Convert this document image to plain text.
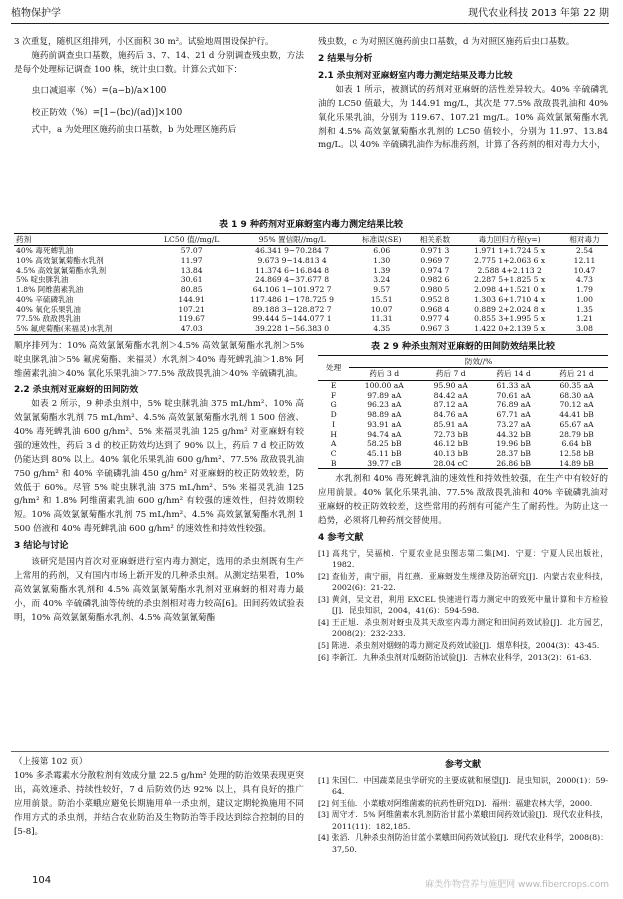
植物保护学	现代农业科技 2013 年第 22 期
3 次重复，随机区组排列，小区面积 30 m²。试验地周围设保护行。
施药前调查虫口基数，施药后 3、7、14、21 d 分别调查残虫数，方法是每个处理标记调查 100 株，统计虫口数。计算公式如下：
虫口减退率（%）=(a−b)/a×100
校正防效（%）=[1−(bc)/(ad)]×100
式中，a 为处理区施药前虫口基数，b 为处理区施药后
残虫数，c 为对照区施药前虫口基数，d 为对照区施药后虫口基数。
2 结果与分析
2.1 杀虫剂对亚麻蚜室内毒力测定结果及毒力比较
如表 1 所示，被测试的药剂对亚麻蚜的活性差异较大。40% 辛硫磷乳油的 LC50 值最大，为 144.91 mg/L，其次是 77.5% 敌敌畏乳油和 40% 氧化乐果乳油，分别为 119.67、107.21 mg/L。10% 高效氯氰菊酯水乳剂和 4.5% 高效氯氰菊酯水乳剂的 LC50 值较小，分别为 11.97、13.84 mg/L。以 40% 辛硫磷乳油作为标准药剂，计算了各药剂的相对毒力大小，
表 1 9 种药剂对亚麻蚜室内毒力测定结果比较
药剂	LC50 值//mg/L	95% 置信限//mg/L	标准误(SE)	相关系数	毒力回归方程(y=)	相对毒力
40% 毒死蜱乳油	57.07	46.341 9~70.284 7	6.06	0.971 3	1.971 1+1.724 5 x	2.54
10% 高效氯氰菊酯水乳剂	11.97	9.673 9~14.813 4	1.30	0.969 7	2.775 1+2.063 6 x	12.11
4.5% 高效氯氰菊酯水乳剂	13.84	11.374 6~16.844 8	1.39	0.974 7	2.588 4+2.113 2	10.47
5% 啶虫脒乳油	30.61	24.869 4~37.677 8	3.24	0.982 6	2.287 5+1.825 5 x	4.73
1.8% 阿维菌素乳油	80.85	64.106 1~101.972 7	9.57	0.980 5	2.098 4+1.521 0 x	1.79
40% 辛硫磷乳油	144.91	117.486 1~178.725 9	15.51	0.952 8	1.303 6+1.710 4 x	1.00
40% 氧化乐果乳油	107.21	89.188 3~128.872 7	10.07	0.968 4	0.889 2+2.024 8 x	1.35
77.5% 敌敌畏乳油	119.67	99.444 5~144.077 1	11.31	0.977 4	0.855 3+1.995 5 x	1.21
5% 氟虎菊酯(来福灵)水乳剂	47.03	39.228 1~56.383 0	4.35	0.967 3	1.422 0+2.139 5 x	3.08
顺序排列为：10% 高效氯氰菊酯水乳剂＞4.5% 高效氯氰菊酯水乳剂＞5% 啶虫脒乳油＞5% 氟虎菊酯、来福灵）水乳剂＞40% 毒死蜱乳油＞1.8% 阿维菌素乳油＞40% 氧化乐果乳油＞77.5% 敌敌畏乳油＞40% 辛硫磷乳油。
2.2 杀虫剂对亚麻蚜的田间防效
如表 2 所示，9 种杀虫剂中，5% 啶虫脒乳油 375 mL/hm²、10% 高效氯氰菊酯水乳剂 75 mL/hm²、4.5% 高效氯氰菊酯水乳剂 1 500 倍液、40% 毒死蜱乳油 600 g/hm²、5% 来福灵乳油 125 g/hm² 对亚麻蚜有较强的速效性，药后 3 d 的校正防效均达到了 90% 以上，药后 7 d 校正防效仍能达到 80% 以上。40% 氧化乐果乳油 600 g/hm²、77.5% 敌敌畏乳油 750 g/hm² 和 40% 辛硫磷乳油 450 g/hm² 对亚麻蚜的校正防效较差，防效低于 60%。尽管 5% 啶虫脒乳油 375 mL/hm²、5% 来福灵乳油 125 g/hm² 和 1.8% 阿维菌素乳油 600 g/hm² 有较强的速效性，但持效期较短。10% 高效氯氰菊酯水乳剂 75 mL/hm²、4.5% 高效氯氰菊酯水乳剂 1 500 倍液和 40% 毒死蜱乳油 600 g/hm² 的速效性和持效性较强。
3 结论与讨论
该研究是国内首次对亚麻蚜进行室内毒力测定，选用的杀虫剂既有生产上常用的药剂，又有国内市场上新开发的几种杀虫剂。从测定结果看，10% 高效氯氰菊酯水乳剂和 4.5% 高效氯氰菊酯水乳剂对亚麻蚜的相对毒力最小，而 40% 辛硫磷乳油等传统的杀虫剂相对毒力较高[6]。田间药效试验表明，10% 高效氯氰菊酯水乳剂、4.5% 高效氯氰菊酯
表 2 9 种杀虫剂对亚麻蚜的田间防效结果比较
处理	防效//%			
	药后 3 d	药后 7 d	药后 14 d	药后 21 d
E	100.00 aA	95.90 aA	61.33 aA	60.35 aA
F	97.89 aA	84.42 aA	70.61 aA	68.30 aA
G	96.23 aA	87.12 aA	76.89 aA	70.12 aA
D	98.89 aA	84.76 aA	67.71 aA	44.41 bB
I	93.91 aA	85.91 aA	73.27 aA	65.67 aA
H	94.74 aA	72.73 bB	44.32 bB	28.79 bB
A	58.25 bB	46.12 bB	19.96 bB	6.64 bB
C	45.11 bB	40.13 bB	28.37 bB	12.58 bB
B	39.77 cB	28.04 cC	26.86 bB	14.89 bB
水乳剂和 40% 毒死蜱乳油的速效性和持效性较强，在生产中有较好的应用前景。40% 氧化乐果乳油、77.5% 敌敌畏乳油和 40% 辛硫磷乳油对亚麻蚜的校正防效较差，这些常用的药剂有可能产生了耐药性。为防止这一趋势，必须将几种药剂交替使用。
4 参考文献
[1] 高兆宁，吴福桢．宁夏农业昆虫图志第二集[M]．宁夏：宁夏人民出版社，1982.
[2] 查仙芳，南宁丽，肖红燕．亚麻蚜发生规律及防治研究[J]．内蒙古农业科技，2002(6)：21-22.
[3] 黄剑，吴文君，利用 EXCEL 快速进行毒力测定中的致死中量计算和卡方检验[J]．昆虫知识，2004，41(6)：594-598.
[4] 王正旭．杀虫剂对蚜虫及其天敌室内毒力测定和田间药效试验[J]．北方园艺，2008(2)：232-233.
[5] 陈进．杀虫剂对烟蚜的毒力测定及药效试验[J]．烟草科技，2004(3)：43-45.
[6] 李新江．九种杀虫剂对瓜蚜防治试验[J]．吉林农业科学，2013(2)：61-63.
（上接第 102 页）
10% 多杀霉素水分散粒剂有效成分量 22.5 g/hm² 处理的防治效果表现更突出，高效速杀、持续性较好，7 d 后防效仍达 92% 以上，具有良好的推广应用前景。防治小菜蛾应避免长期施用单一杀虫剂，建议定期轮换施用不同作用方式的杀虫剂，并结合农业防治及生物防治等手段达到综合控制的目的[5-8]。
参考文献
[1] 朱国仁．中国蔬菜昆虫学研究的主要成就和展望[J]．昆虫知识，2000(1)：59-64.
[2] 何玉仙．小菜蛾对阿维菌素的抗药性研究[D]．福州：福建农林大学，2000.
[3] 周守才．5% 阿维菌素水乳剂防治甘蓝小菜蛾田间药效试验[J]．现代农业科技，2011(11)：182,185.
[4] 张滔．几种杀虫剂防治甘蓝小菜蛾田间药效试验[J]．现代农业科学，2008(8)：37,50.
104	麻类作物营养与施肥网 www.fibercrops.com
